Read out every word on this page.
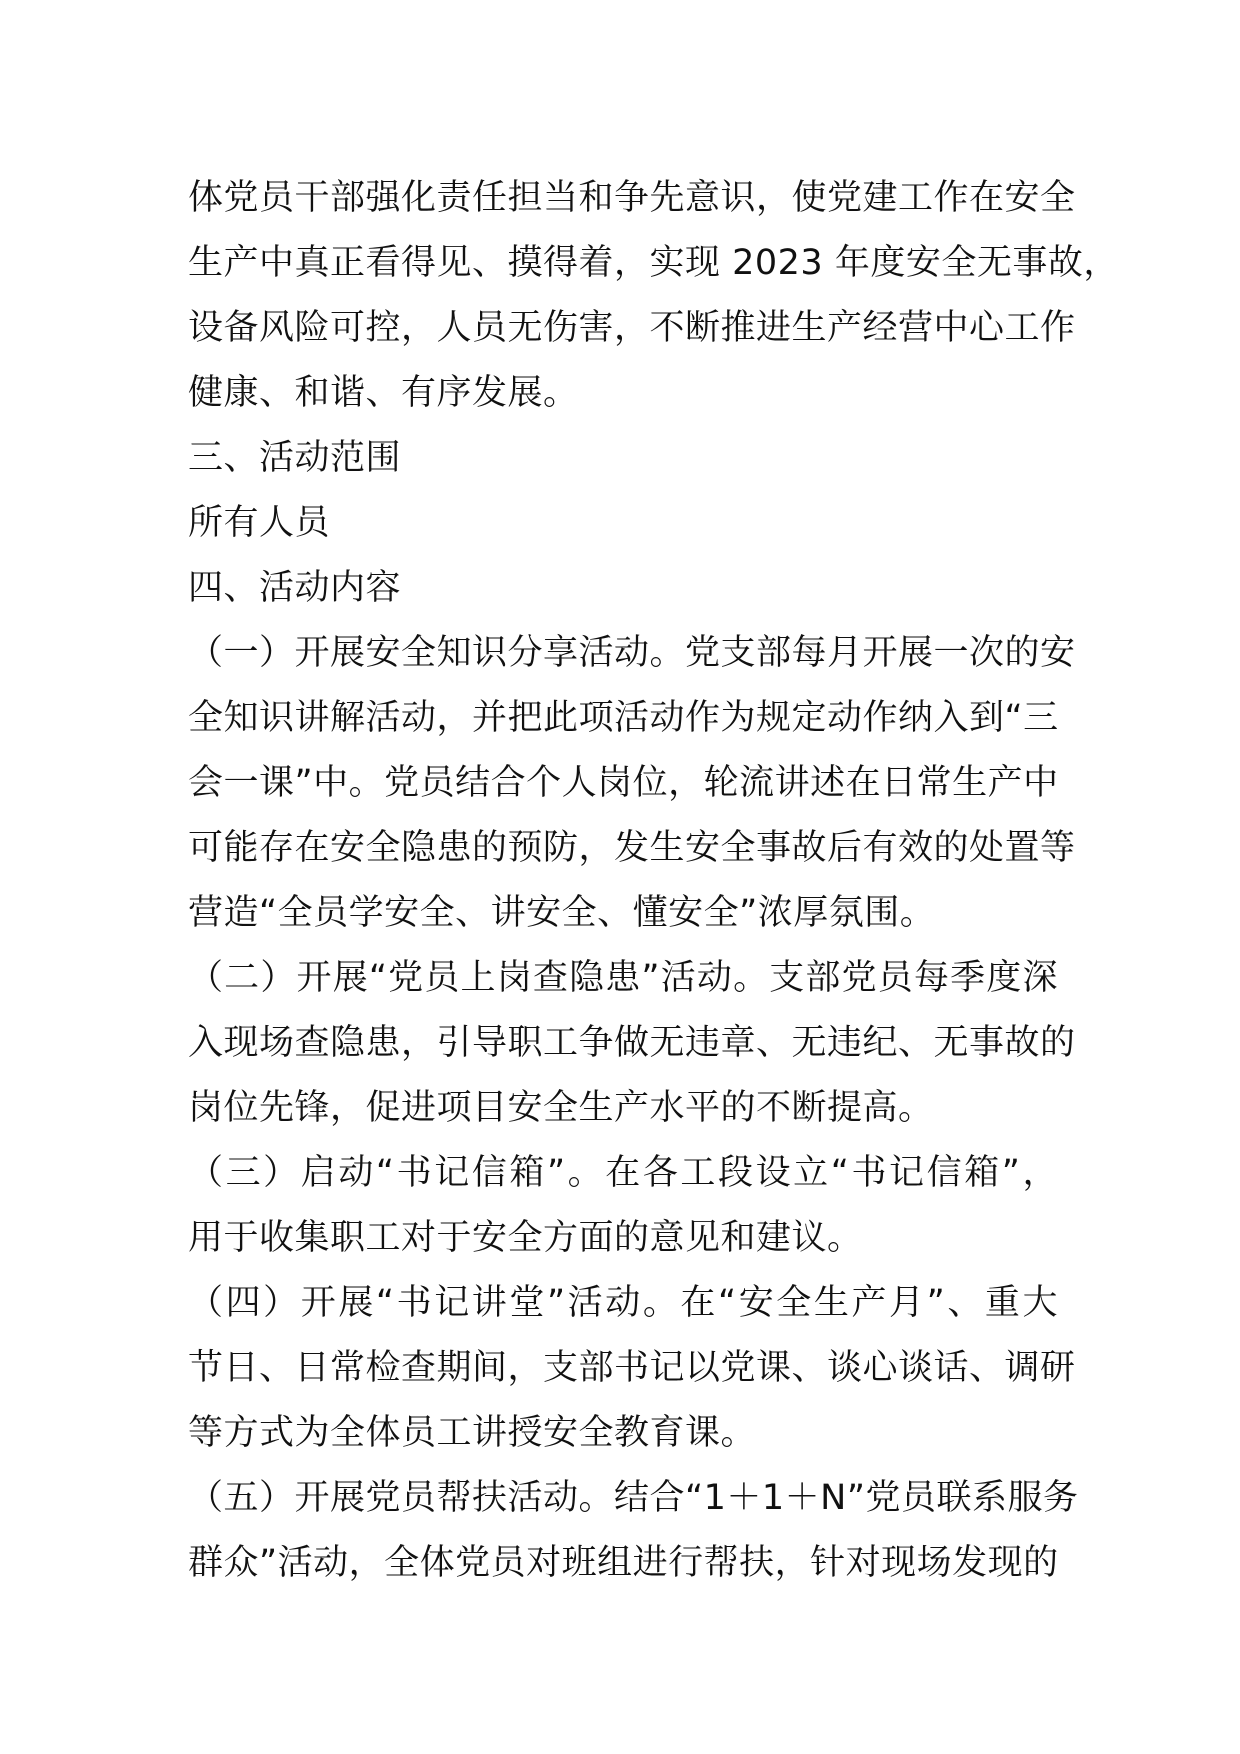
体党员干部强化责任担当和争先意识，使党建工作在安全
生产中真正看得见、摸得着，实现 2023 年度安全无事故，
设备风险可控，人员无伤害，不断推进生产经营中心工作
健康、和谐、有序发展。
三、活动范围
所有人员
四、活动内容
（一）开展安全知识分享活动。党支部每月开展一次的安
全知识讲解活动，并把此项活动作为规定动作纳入到“三
会一课”中。党员结合个人岗位，轮流讲述在日常生产中
可能存在安全隐患的预防，发生安全事故后有效的处置等
营造“全员学安全、讲安全、懂安全”浓厚氛围。
（二）开展“党员上岗查隐患”活动。支部党员每季度深
入现场查隐患，引导职工争做无违章、无违纪、无事故的
岗位先锋，促进项目安全生产水平的不断提高。
（三）启动“书记信箱”。在各工段设立“书记信箱”，
用于收集职工对于安全方面的意见和建议。
（四）开展“书记讲堂”活动。在“安全生产月”、重大
节日、日常检查期间，支部书记以党课、谈心谈话、调研
等方式为全体员工讲授安全教育课。
（五）开展党员帮扶活动。结合“1＋1＋N”党员联系服务
群众”活动，全体党员对班组进行帮扶，针对现场发现的
